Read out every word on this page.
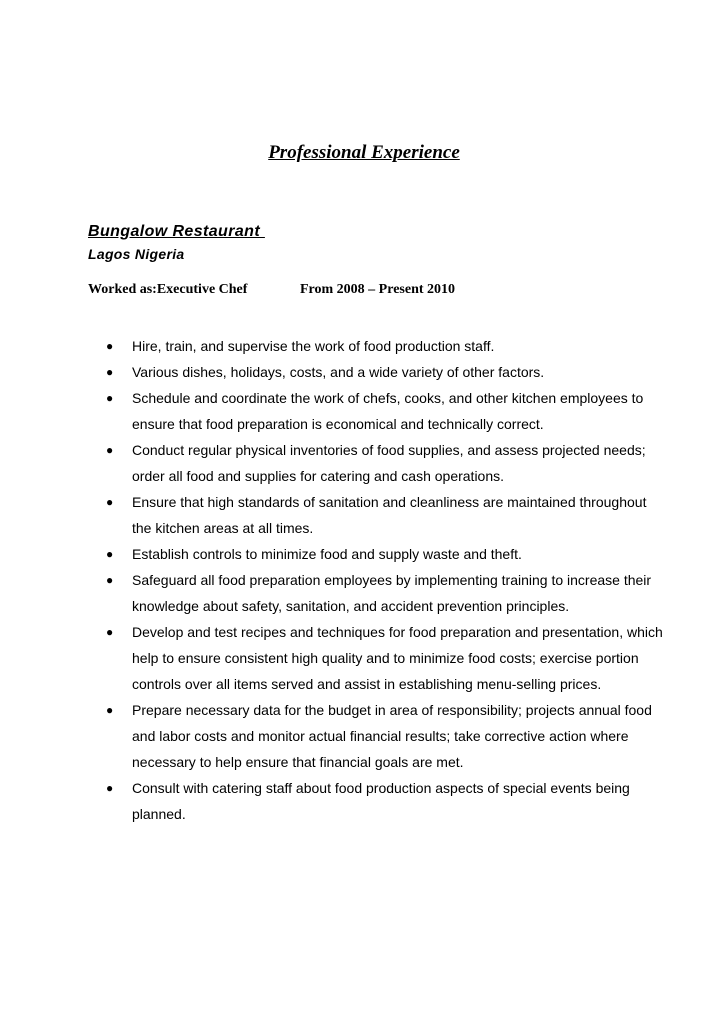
Professional Experience
Bungalow Restaurant
Lagos Nigeria
Worked as:Executive Chef	From 2008 – Present 2010
● Hire, train, and supervise the work of food production staff.
● Various dishes, holidays, costs, and a wide variety of other factors.
● Schedule and coordinate the work of chefs, cooks, and other kitchen employees to ensure that food preparation is economical and technically correct.
● Conduct regular physical inventories of food supplies, and assess projected needs; order all food and supplies for catering and cash operations.
● Ensure that high standards of sanitation and cleanliness are maintained throughout the kitchen areas at all times.
● Establish controls to minimize food and supply waste and theft.
● Safeguard all food preparation employees by implementing training to increase their knowledge about safety, sanitation, and accident prevention principles.
● Develop and test recipes and techniques for food preparation and presentation, which help to ensure consistent high quality and to minimize food costs; exercise portion controls over all items served and assist in establishing menu-selling prices.
● Prepare necessary data for the budget in area of responsibility; projects annual food and labor costs and monitor actual financial results; take corrective action where necessary to help ensure that financial goals are met.
● Consult with catering staff about food production aspects of special events being planned.
